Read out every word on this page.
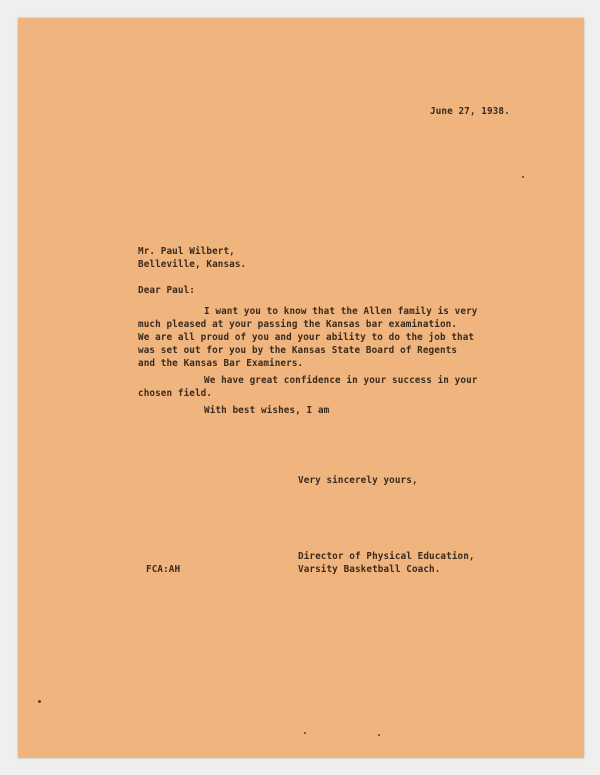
June 27, 1938.
Mr. Paul Wilbert,
Belleville, Kansas.
Dear Paul:
I want you to know that the Allen family is very
much pleased at your passing the Kansas bar examination.
We are all proud of you and your ability to do the job that
was set out for you by the Kansas State Board of Regents
and the Kansas Bar Examiners.
We have great confidence in your success in your
chosen field.
With best wishes, I am
Very sincerely yours,
FCA:AH
Director of Physical Education,
Varsity Basketball Coach.
